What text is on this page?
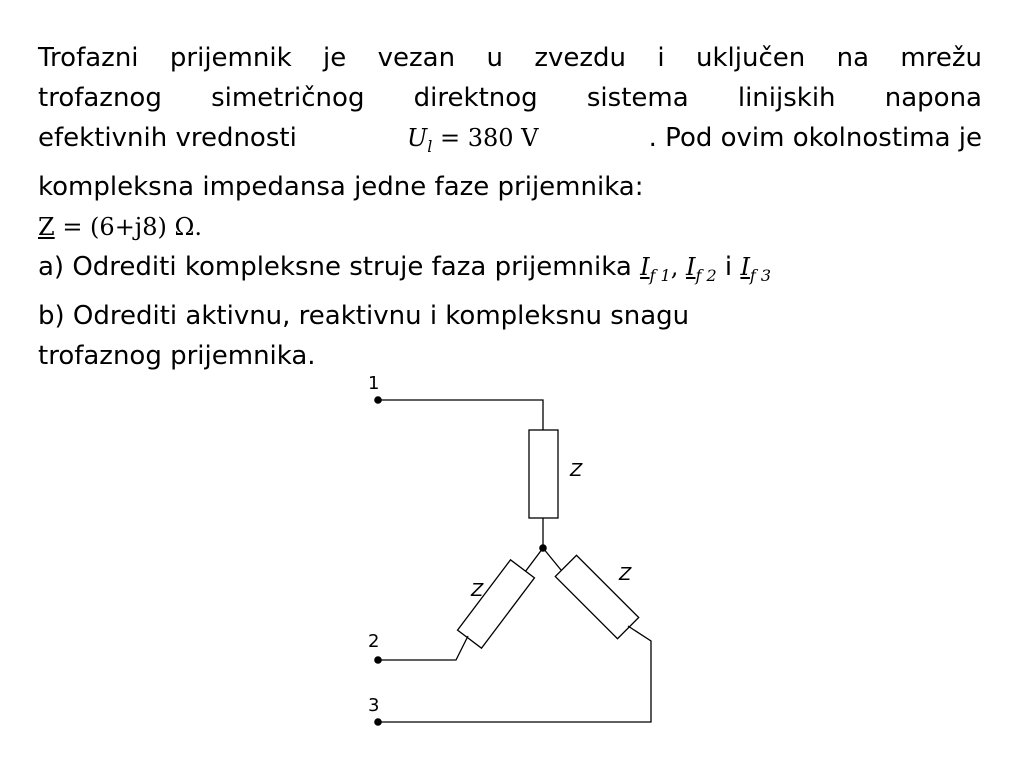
Trofazni prijemnik je vezan u zvezdu i uključen na mrežu
trofaznog simetričnog direktnog sistema linijskih napona
efektivnih vrednosti	$U_l = 380$ V	. Pod ovim okolnostima je
kompleksna impedansa jedne faze prijemnika:
Z = (6+j8) Ω.
a) Odrediti kompleksne struje faza prijemnika $I_{f 1}$, $I_{f 2}$ i $I_{f 3}$
b) Odrediti aktivnu, reaktivnu i kompleksnu snagu
trofaznog prijemnika.
1
2
3
Z
Z
Z
